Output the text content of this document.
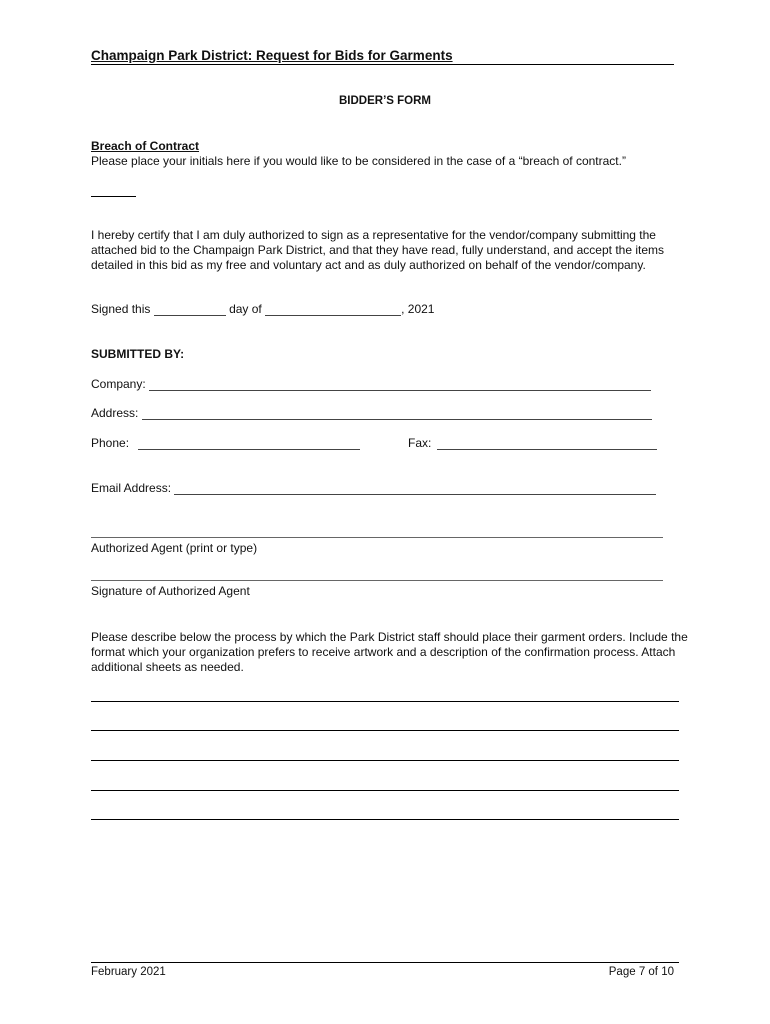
Champaign Park District: Request for Bids for Garments
BIDDER’S FORM
Breach of Contract
Please place your initials here if you would like to be considered in the case of a “breach of contract.”
I hereby certify that I am duly authorized to sign as a representative for the vendor/company submitting the attached bid to the Champaign Park District, and that they have read, fully understand, and accept the items detailed in this bid as my free and voluntary act and as duly authorized on behalf of the vendor/company.
Signed this	day of	, 2021
SUBMITTED BY:
Company:
Address:
Phone:	Fax:
Email Address:
Authorized Agent (print or type)
Signature of Authorized Agent
Please describe below the process by which the Park District staff should place their garment orders. Include the format which your organization prefers to receive artwork and a description of the confirmation process. Attach additional sheets as needed.
February 2021	Page 7 of 10
